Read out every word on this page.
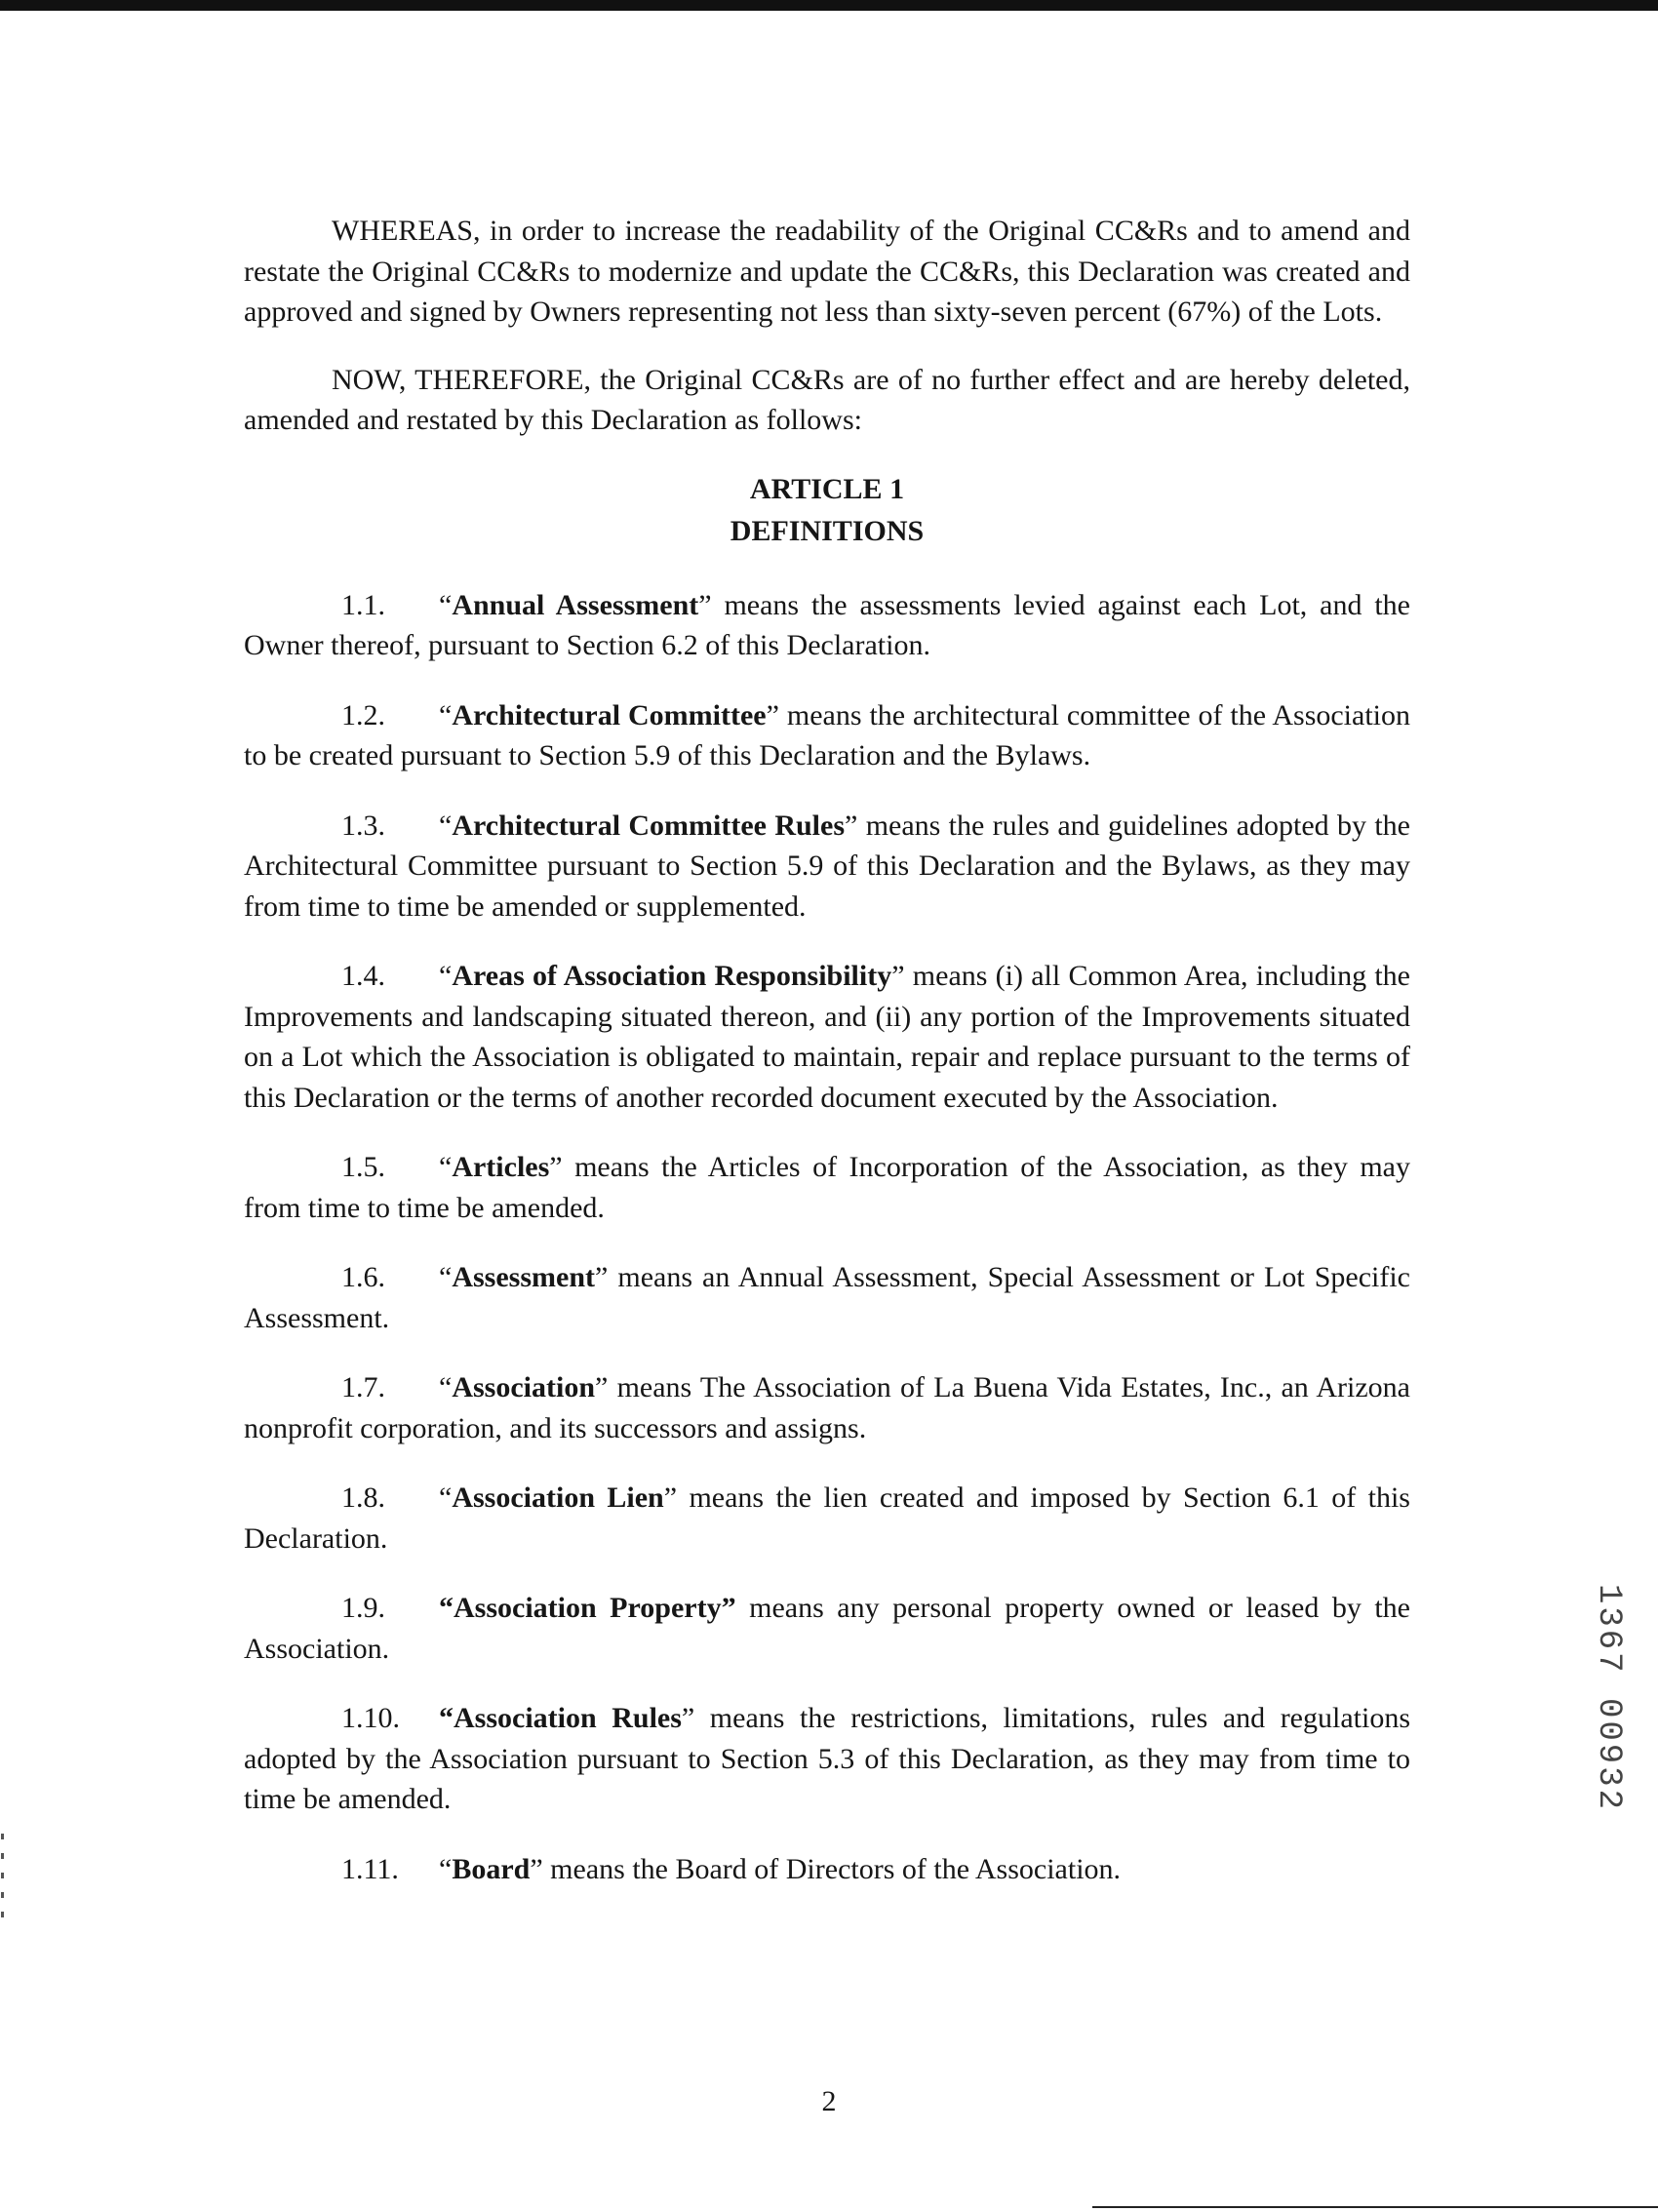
WHEREAS, in order to increase the readability of the Original CC&Rs and to amend and restate the Original CC&Rs to modernize and update the CC&Rs, this Declaration was created and approved and signed by Owners representing not less than sixty-seven percent (67%) of the Lots.

NOW, THEREFORE, the Original CC&Rs are of no further effect and are hereby deleted, amended and restated by this Declaration as follows:

ARTICLE 1
DEFINITIONS

1.1. “Annual Assessment” means the assessments levied against each Lot, and the Owner thereof, pursuant to Section 6.2 of this Declaration.

1.2. “Architectural Committee” means the architectural committee of the Association to be created pursuant to Section 5.9 of this Declaration and the Bylaws.

1.3. “Architectural Committee Rules” means the rules and guidelines adopted by the Architectural Committee pursuant to Section 5.9 of this Declaration and the Bylaws, as they may from time to time be amended or supplemented.

1.4. “Areas of Association Responsibility” means (i) all Common Area, including the Improvements and landscaping situated thereon, and (ii) any portion of the Improvements situated on a Lot which the Association is obligated to maintain, repair and replace pursuant to the terms of this Declaration or the terms of another recorded document executed by the Association.

1.5. “Articles” means the Articles of Incorporation of the Association, as they may from time to time be amended.

1.6. “Assessment” means an Annual Assessment, Special Assessment or Lot Specific Assessment.

1.7. “Association” means The Association of La Buena Vida Estates, Inc., an Arizona nonprofit corporation, and its successors and assigns.

1.8. “Association Lien” means the lien created and imposed by Section 6.1 of this Declaration.

1.9. “Association Property” means any personal property owned or leased by the Association.

1.10. “Association Rules” means the restrictions, limitations, rules and regulations adopted by the Association pursuant to Section 5.3 of this Declaration, as they may from time to time be amended.

1.11. “Board” means the Board of Directors of the Association.

1367 00932
2
